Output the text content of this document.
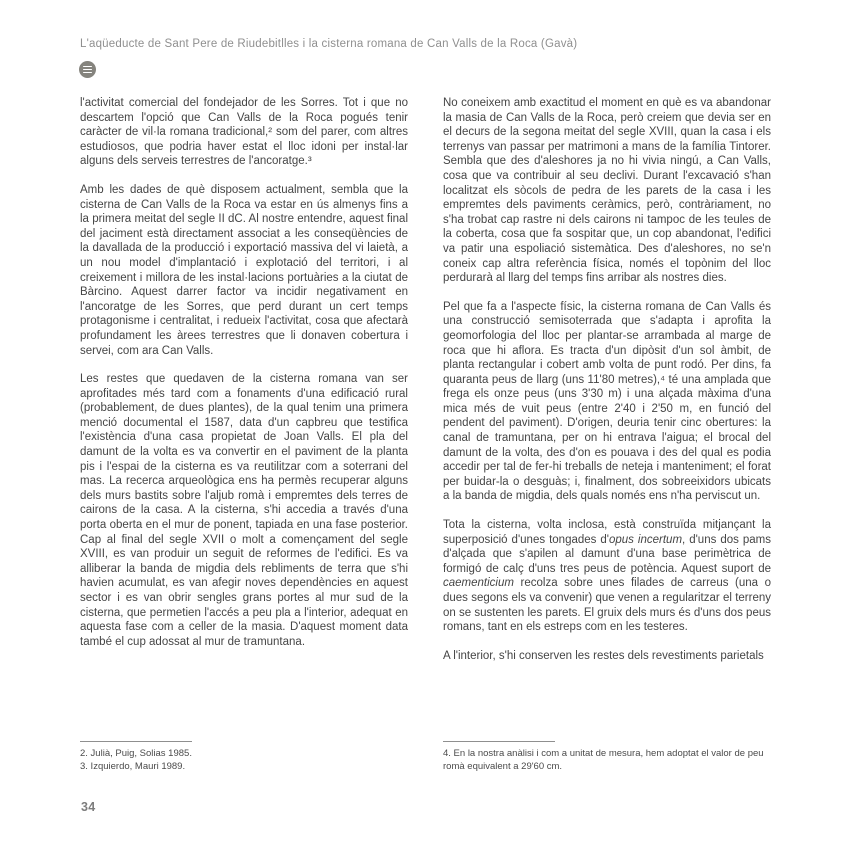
L'aqüeducte de Sant Pere de Riudebitlles i la cisterna romana de Can Valls de la Roca (Gavà)

l'activitat comercial del fondejador de les Sorres. Tot i que no descartem l'opció que Can Valls de la Roca pogués tenir caràcter de vil·la romana tradicional,² som del parer, com altres estudiosos, que podria haver estat el lloc idoni per instal·lar alguns dels serveis terrestres de l'ancoratge.³

Amb les dades de què disposem actualment, sembla que la cisterna de Can Valls de la Roca va estar en ús almenys fins a la primera meitat del segle II dC. Al nostre entendre, aquest final del jaciment està directament associat a les conseqüències de la davallada de la producció i exportació massiva del vi laietà, a un nou model d'implantació i explotació del territori, i al creixement i millora de les instal·lacions portuàries a la ciutat de Bàrcino. Aquest darrer factor va incidir negativament en l'ancoratge de les Sorres, que perd durant un cert temps protagonisme i centralitat, i redueix l'activitat, cosa que afectarà profundament les àrees terrestres que li donaven cobertura i servei, com ara Can Valls.

Les restes que quedaven de la cisterna romana van ser aprofitades més tard com a fonaments d'una edificació rural (probablement, de dues plantes), de la qual tenim una primera menció documental el 1587, data d'un capbreu que testifica l'existència d'una casa propietat de Joan Valls. El pla del damunt de la volta es va convertir en el paviment de la planta pis i l'espai de la cisterna es va reutilitzar com a soterrani del mas. La recerca arqueològica ens ha permès recuperar alguns dels murs bastits sobre l'aljub romà i empremtes dels terres de cairons de la casa. A la cisterna, s'hi accedia a través d'una porta oberta en el mur de ponent, tapiada en una fase posterior. Cap al final del segle XVII o molt a començament del segle XVIII, es van produir un seguit de reformes de l'edifici. Es va alliberar la banda de migdia dels rebliments de terra que s'hi havien acumulat, es van afegir noves dependències en aquest sector i es van obrir sengles grans portes al mur sud de la cisterna, que permetien l'accés a peu pla a l'interior, adequat en aquesta fase com a celler de la masia. D'aquest moment data també el cup adossat al mur de tramuntana.

No coneixem amb exactitud el moment en què es va abandonar la masia de Can Valls de la Roca, però creiem que devia ser en el decurs de la segona meitat del segle XVIII, quan la casa i els terrenys van passar per matrimoni a mans de la família Tintorer. Sembla que des d'aleshores ja no hi vivia ningú, a Can Valls, cosa que va contribuir al seu declivi. Durant l'excavació s'han localitzat els sòcols de pedra de les parets de la casa i les empremtes dels paviments ceràmics, però, contràriament, no s'ha trobat cap rastre ni dels cairons ni tampoc de les teules de la coberta, cosa que fa sospitar que, un cop abandonat, l'edifici va patir una espoliació sistemàtica. Des d'aleshores, no se'n coneix cap altra referència física, només el topònim del lloc perdurarà al llarg del temps fins arribar als nostres dies.

Pel que fa a l'aspecte físic, la cisterna romana de Can Valls és una construcció semisoterrada que s'adapta i aprofita la geomorfologia del lloc per plantar-se arrambada al marge de roca que hi aflora. Es tracta d'un dipòsit d'un sol àmbit, de planta rectangular i cobert amb volta de punt rodó. Per dins, fa quaranta peus de llarg (uns 11'80 metres),⁴ té una amplada que frega els onze peus (uns 3'30 m) i una alçada màxima d'una mica més de vuit peus (entre 2'40 i 2'50 m, en funció del pendent del paviment). D'origen, deuria tenir cinc obertures: la canal de tramuntana, per on hi entrava l'aigua; el brocal del damunt de la volta, des d'on es pouava i des del qual es podia accedir per tal de fer-hi treballs de neteja i manteniment; el forat per buidar-la o desguàs; i, finalment, dos sobreeixidors ubicats a la banda de migdia, dels quals només ens n'ha perviscut un.

Tota la cisterna, volta inclosa, està construïda mitjançant la superposició d'unes tongades d'opus incertum, d'uns dos pams d'alçada que s'apilen al damunt d'una base perimètrica de formigó de calç d'uns tres peus de potència. Aquest suport de caementicium recolza sobre unes filades de carreus (una o dues segons els va convenir) que venen a regularitzar el terreny on se sustenten les parets. El gruix dels murs és d'uns dos peus romans, tant en els estreps com en les testeres.

A l'interior, s'hi conserven les restes dels revestiments parietals

2. Julià, Puig, Solias 1985.
3. Izquierdo, Mauri 1989.
4. En la nostra anàlisi i com a unitat de mesura, hem adoptat el valor de peu romà equivalent a 29'60 cm.
34
